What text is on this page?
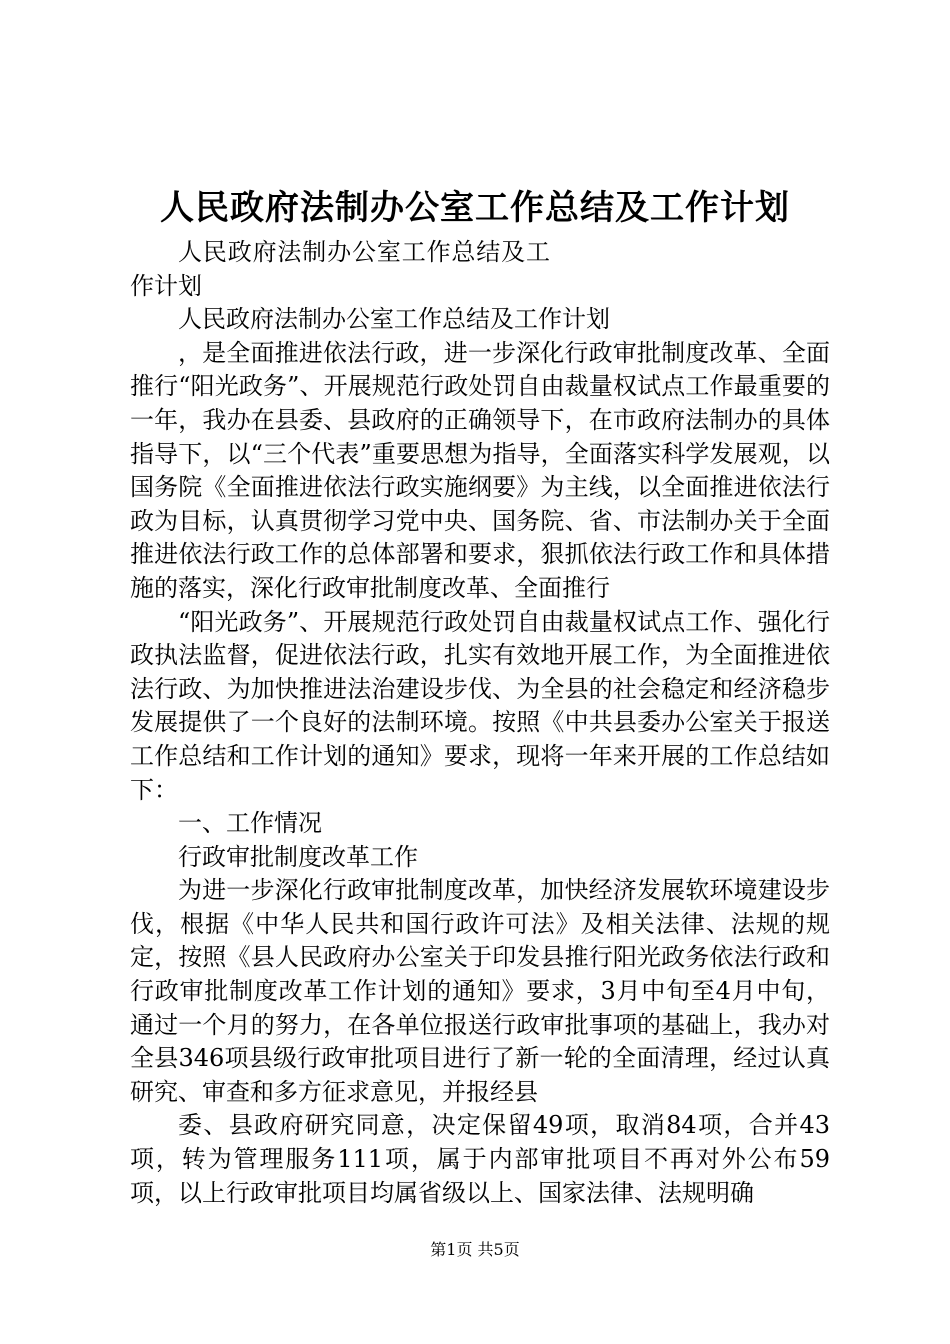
人民政府法制办公室工作总结及工作计划

人民政府法制办公室工作总结及工作计划

人民政府法制办公室工作总结及工作计划

，是全面推进依法行政，进一步深化行政审批制度改革、全面推行“阳光政务”、开展规范行政处罚自由裁量权试点工作最重要的一年，我办在县委、县政府的正确领导下，在市政府法制办的具体指导下，以“三个代表”重要思想为指导，全面落实科学发展观，以国务院《全面推进依法行政实施纲要》为主线，以全面推进依法行政为目标，认真贯彻学习党中央、国务院、省、市法制办关于全面推进依法行政工作的总体部署和要求，狠抓依法行政工作和具体措施的落实，深化行政审批制度改革、全面推行

“阳光政务”、开展规范行政处罚自由裁量权试点工作、强化行政执法监督，促进依法行政，扎实有效地开展工作，为全面推进依法行政、为加快推进法治建设步伐、为全县的社会稳定和经济稳步发展提供了一个良好的法制环境。按照《中共县委办公室关于报送工作总结和工作计划的通知》要求，现将一年来开展的工作总结如下：

一、工作情况

行政审批制度改革工作

为进一步深化行政审批制度改革，加快经济发展软环境建设步伐，根据《中华人民共和国行政许可法》及相关法律、法规的规定，按照《县人民政府办公室关于印发县推行阳光政务依法行政和行政审批制度改革工作计划的通知》要求，3月中旬至4月中旬，通过一个月的努力，在各单位报送行政审批事项的基础上，我办对全县346项县级行政审批项目进行了新一轮的全面清理，经过认真研究、审查和多方征求意见，并报经县

委、县政府研究同意，决定保留49项，取消84项，合并43项，转为管理服务111项，属于内部审批项目不再对外公布59项，以上行政审批项目均属省级以上、国家法律、法规明确

第1页 共5页
